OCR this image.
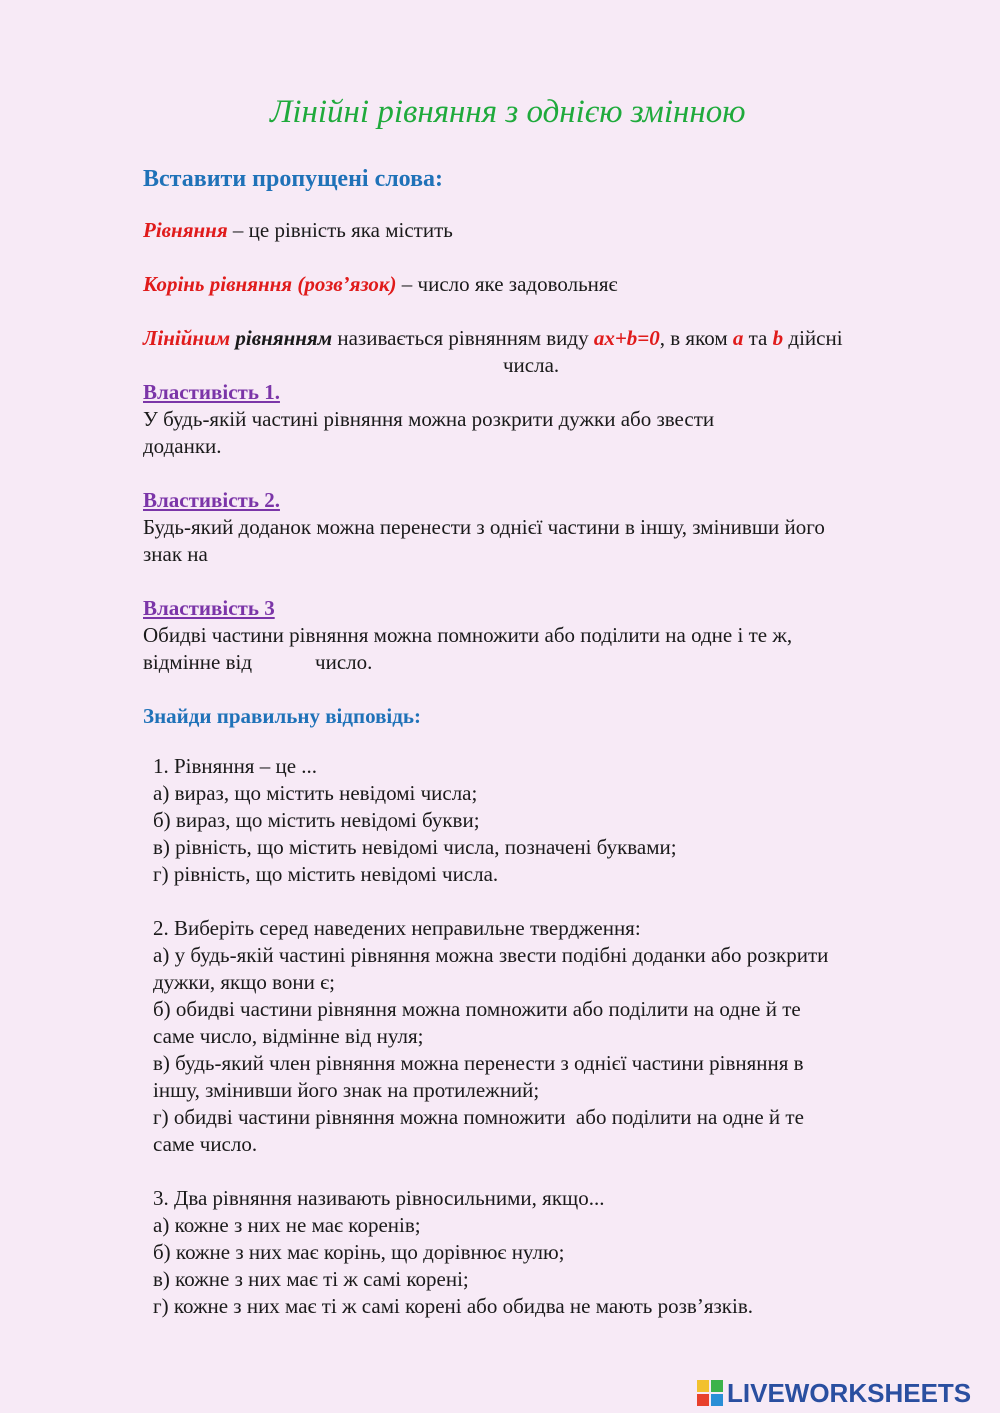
Лінійні рівняння з однією змінною
Вставити пропущені слова:
Рівняння – це рівність яка містить
Корінь рівняння (розв’язок) – число яке задовольняє
Лінійним рівнянням називається рівнянням виду ax+b=0, в яком a та b дійсні
числа.
Властивість 1.
У будь-якій частині рівняння можна розкрити дужки або звести
доданки.
Властивість 2.
Будь-який доданок можна перенести з однієї частини в іншу, змінивши його
знак на
Властивість 3
Обидві частини рівняння можна помножити або поділити на одне і те ж,
відмінне від            число.
Знайди правильну відповідь:
1. Рівняння – це ...
а) вираз, що містить невідомі числа;
б) вираз, що містить невідомі букви;
в) рівність, що містить невідомі числа, позначені буквами;
г) рівність, що містить невідомі числа.
2. Виберіть серед наведених неправильне твердження:
а) у будь-якій частині рівняння можна звести подібні доданки або розкрити
дужки, якщо вони є;
б) обидві частини рівняння можна помножити або поділити на одне й те
саме число, відмінне від нуля;
в) будь-який член рівняння можна перенести з однієї частини рівняння в
іншу, змінивши його знак на протилежний;
г) обидві частини рівняння можна помножити  або поділити на одне й те
саме число.
3. Два рівняння називають рівносильними, якщо...
а) кожне з них не має коренів;
б) кожне з них має корінь, що дорівнює нулю;
в) кожне з них має ті ж самі корені;
г) кожне з них має ті ж самі корені або обидва не мають розв’язків.
LIVEWORKSHEETS
